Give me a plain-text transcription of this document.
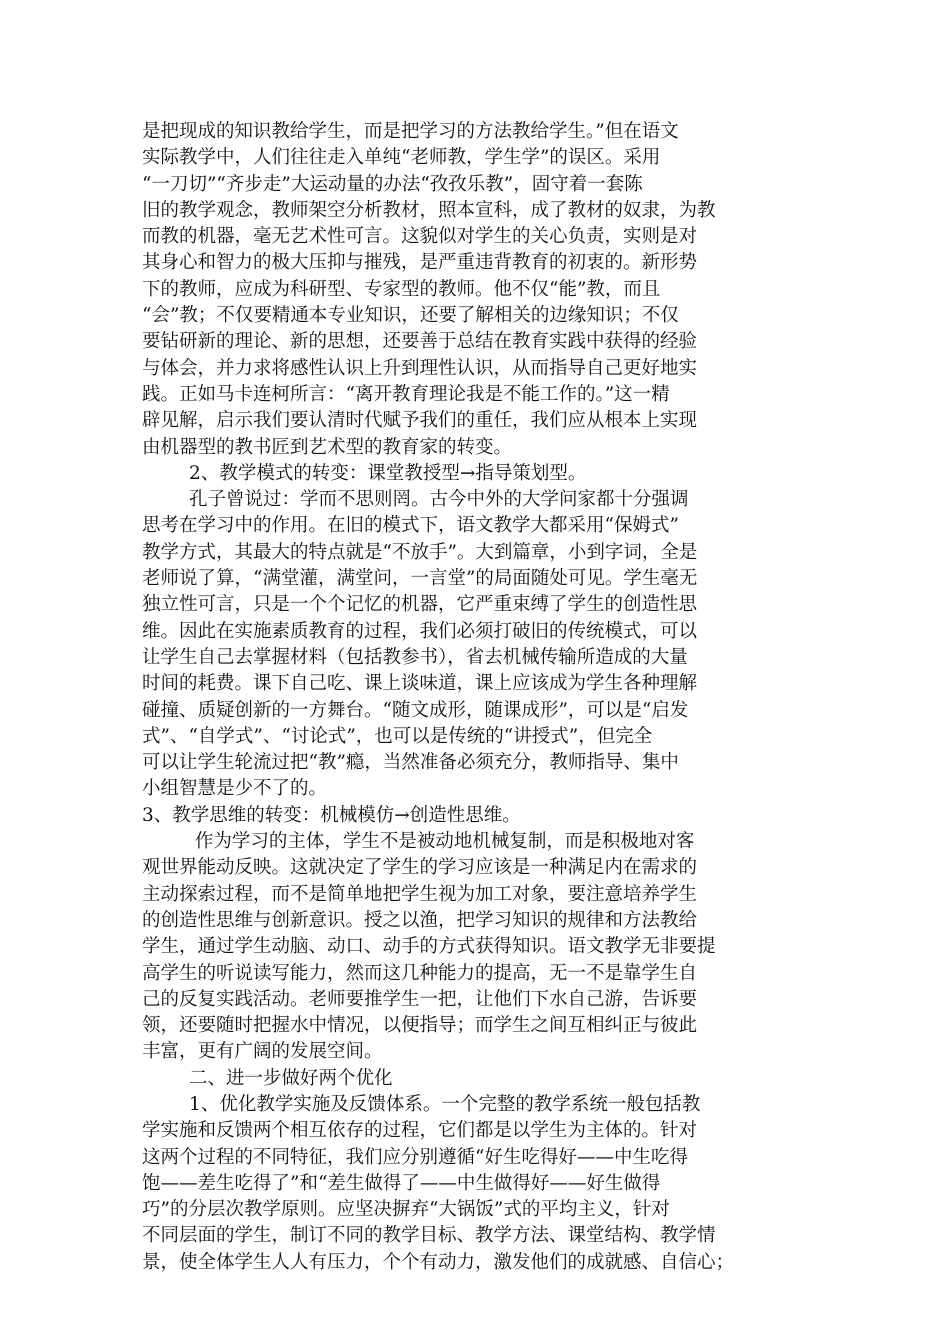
是把现成的知识教给学生，而是把学习的方法教给学生。”但在语文
实际教学中，人们往往走入单纯“老师教，学生学”的误区。采用
“一刀切”“齐步走”大运动量的办法“孜孜乐教”，固守着一套陈
旧的教学观念，教师架空分析教材，照本宣科，成了教材的奴隶，为教
而教的机器，毫无艺术性可言。这貌似对学生的关心负责，实则是对
其身心和智力的极大压抑与摧残，是严重违背教育的初衷的。新形势
下的教师，应成为科研型、专家型的教师。他不仅“能”教，而且
“会”教；不仅要精通本专业知识，还要了解相关的边缘知识；不仅
要钻研新的理论、新的思想，还要善于总结在教育实践中获得的经验
与体会，并力求将感性认识上升到理性认识，从而指导自己更好地实
践。正如马卡连柯所言：“离开教育理论我是不能工作的。”这一精
辟见解，启示我们要认清时代赋予我们的重任，我们应从根本上实现
由机器型的教书匠到艺术型的教育家的转变。
2、教学模式的转变：课堂教授型→指导策划型。
孔子曾说过：学而不思则罔。古今中外的大学问家都十分强调
思考在学习中的作用。在旧的模式下，语文教学大都采用“保姆式”
教学方式，其最大的特点就是“不放手”。大到篇章，小到字词，全是
老师说了算，“满堂灌，满堂问，一言堂”的局面随处可见。学生毫无
独立性可言，只是一个个记忆的机器，它严重束缚了学生的创造性思
维。因此在实施素质教育的过程，我们必须打破旧的传统模式，可以
让学生自己去掌握材料（包括教参书），省去机械传输所造成的大量
时间的耗费。课下自己吃、课上谈味道，课上应该成为学生各种理解
碰撞、质疑创新的一方舞台。“随文成形，随课成形”，可以是“启发
式”、“自学式”、“讨论式”，也可以是传统的“讲授式”，但完全
可以让学生轮流过把“教”瘾，当然准备必须充分，教师指导、集中
小组智慧是少不了的。
3、教学思维的转变：机械模仿→创造性思维。
作为学习的主体，学生不是被动地机械复制，而是积极地对客
观世界能动反映。这就决定了学生的学习应该是一种满足内在需求的
主动探索过程，而不是简单地把学生视为加工对象，要注意培养学生
的创造性思维与创新意识。授之以渔，把学习知识的规律和方法教给
学生，通过学生动脑、动口、动手的方式获得知识。语文教学无非要提
高学生的听说读写能力，然而这几种能力的提高，无一不是靠学生自
己的反复实践活动。老师要推学生一把，让他们下水自己游，告诉要
领，还要随时把握水中情况，以便指导；而学生之间互相纠正与彼此
丰富，更有广阔的发展空间。
二、进一步做好两个优化
1、优化教学实施及反馈体系。一个完整的教学系统一般包括教
学实施和反馈两个相互依存的过程，它们都是以学生为主体的。针对
这两个过程的不同特征，我们应分别遵循“好生吃得好——中生吃得
饱——差生吃得了”和“差生做得了——中生做得好——好生做得
巧”的分层次教学原则。应坚决摒弃“大锅饭”式的平均主义，针对
不同层面的学生，制订不同的教学目标、教学方法、课堂结构、教学情
景，使全体学生人人有压力，个个有动力，激发他们的成就感、自信心；
